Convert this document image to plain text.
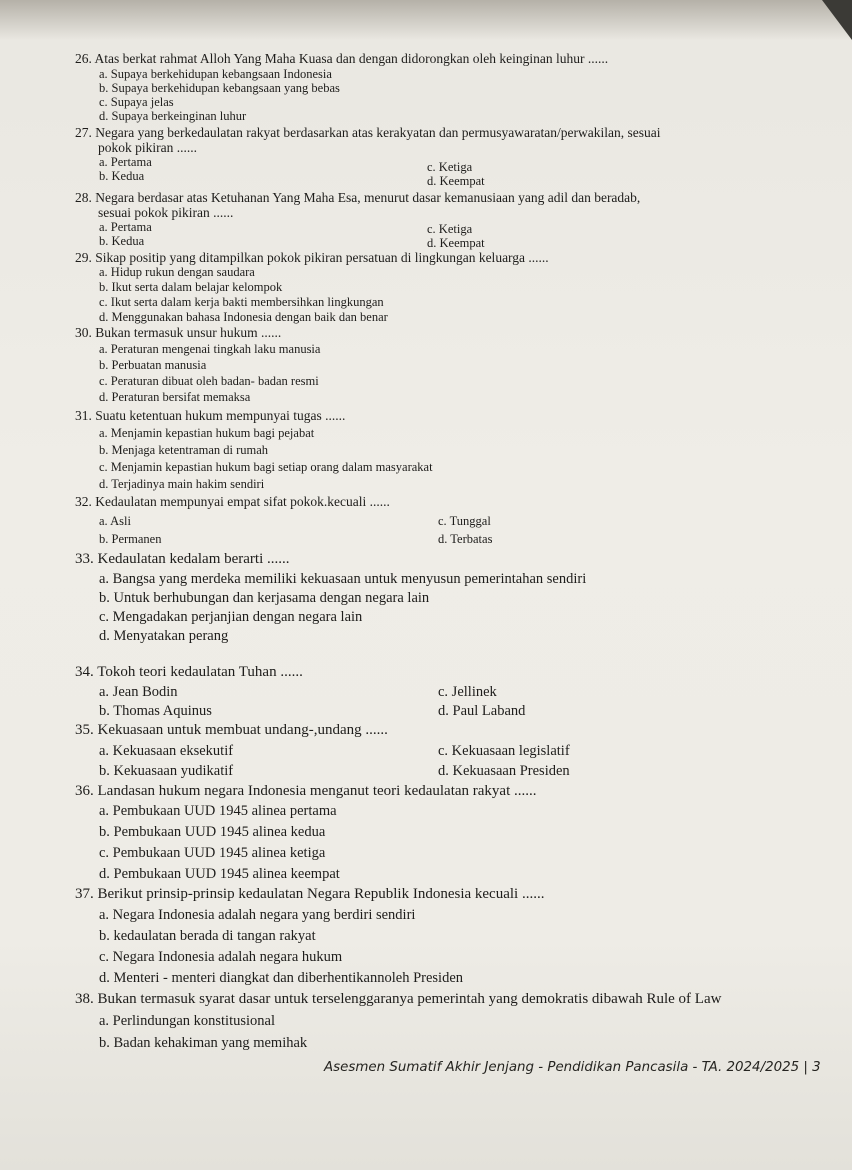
26. Atas berkat rahmat Alloh Yang Maha Kuasa dan dengan didorongkan oleh keinginan luhur ......
a. Supaya berkehidupan kebangsaan Indonesia
b. Supaya berkehidupan kebangsaan yang bebas
c. Supaya jelas
d. Supaya berkeinginan luhur
27. Negara yang berkedaulatan rakyat berdasarkan atas kerakyatan dan permusyawaratan/perwakilan, sesuai
pokok pikiran ......
a. Pertama
b. Kedua
c. Ketiga
d. Keempat
28. Negara berdasar atas Ketuhanan Yang Maha Esa, menurut dasar kemanusiaan yang adil dan beradab,
sesuai pokok pikiran ......
a. Pertama
b. Kedua
c. Ketiga
d. Keempat
29. Sikap positip yang ditampilkan pokok pikiran persatuan di lingkungan keluarga ......
a. Hidup rukun dengan saudara
b. Ikut serta dalam belajar kelompok
c. Ikut serta dalam kerja bakti membersihkan lingkungan
d. Menggunakan bahasa Indonesia dengan baik dan benar
30. Bukan termasuk unsur hukum ......
a. Peraturan mengenai tingkah laku manusia
b. Perbuatan manusia
c. Peraturan dibuat oleh badan- badan resmi
d. Peraturan bersifat memaksa
31. Suatu ketentuan hukum mempunyai tugas ......
a. Menjamin kepastian hukum bagi pejabat
b. Menjaga ketentraman di rumah
c. Menjamin kepastian hukum bagi setiap orang dalam masyarakat
d. Terjadinya main hakim sendiri
32. Kedaulatan mempunyai empat sifat pokok.kecuali ......
a. Asli
b. Permanen
c. Tunggal
d. Terbatas
33. Kedaulatan kedalam berarti ......
a. Bangsa yang merdeka memiliki kekuasaan untuk menyusun pemerintahan sendiri
b. Untuk berhubungan dan kerjasama dengan negara lain
c. Mengadakan perjanjian dengan negara lain
d. Menyatakan perang
34. Tokoh teori kedaulatan Tuhan ......
a. Jean Bodin
b. Thomas Aquinus
c. Jellinek
d. Paul Laband
35. Kekuasaan untuk membuat undang-,undang ......
a. Kekuasaan eksekutif
b. Kekuasaan yudikatif
c. Kekuasaan legislatif
d. Kekuasaan Presiden
36. Landasan hukum negara Indonesia menganut teori kedaulatan rakyat ......
a. Pembukaan UUD 1945 alinea pertama
b. Pembukaan UUD 1945 alinea kedua
c. Pembukaan UUD 1945 alinea ketiga
d. Pembukaan UUD 1945 alinea keempat
37. Berikut prinsip-prinsip kedaulatan Negara Republik Indonesia kecuali ......
a. Negara Indonesia adalah negara yang berdiri sendiri
b. kedaulatan berada di tangan rakyat
c. Negara Indonesia adalah negara hukum
d. Menteri - menteri diangkat dan diberhentikannoleh Presiden
38. Bukan termasuk syarat dasar untuk terselenggaranya pemerintah yang demokratis dibawah Rule of Law
a. Perlindungan konstitusional
b. Badan kehakiman yang memihak
Asesmen Sumatif Akhir Jenjang - Pendidikan Pancasila - TA. 2024/2025 | 3
